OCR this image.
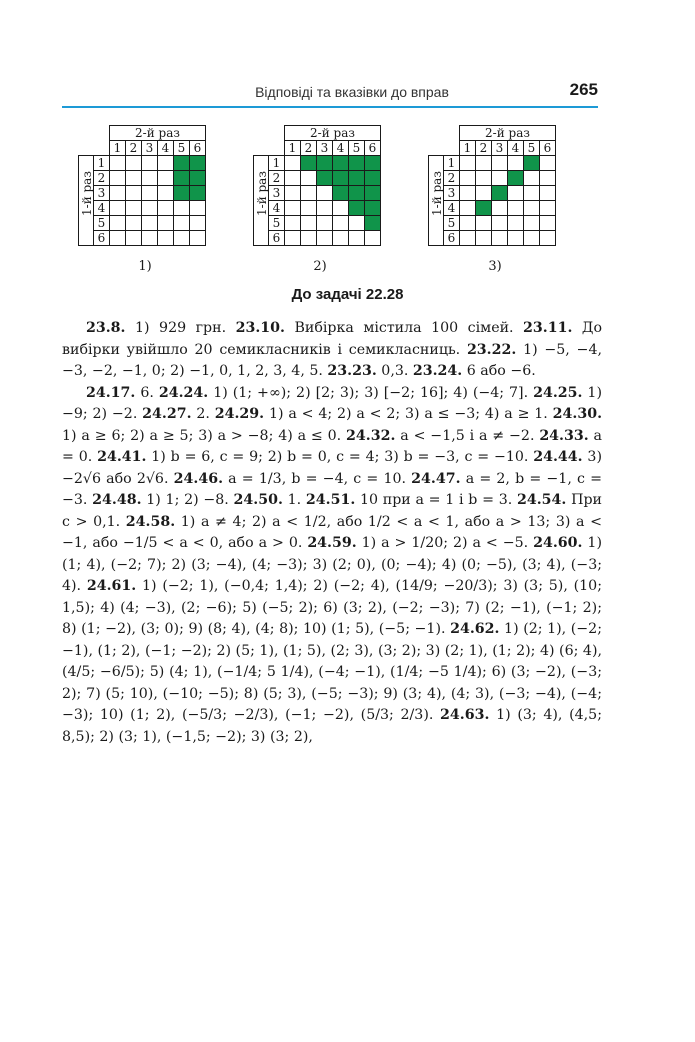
Відповіді та вказівки до вправ	265
		2-й раз					
		1	2	3	4	5	6

1-й раз	1						
	2						
	3						
	4						
	5						
	6						
1)
		2-й раз					
		1	2	3	4	5	6

1-й раз	1						
	2						
	3						
	4						
	5						
	6						
2)
		2-й раз					
		1	2	3	4	5	6

1-й раз	1						
	2						
	3						
	4						
	5						
	6						
3)
До задачі 22.28

23.8. 1) 929 грн. 23.10. Вибірка містила 100 сімей. 23.11. До вибірки увійшло 20 семикласників і семикласниць. 23.22. 1) −5, −4, −3, −2, −1, 0; 2) −1, 0, 1, 2, 3, 4, 5. 23.23. 0,3. 23.24. 6 або −6.

24.17. 6. 24.24. 1) (1; +∞); 2) [2; 3); 3) [−2; 16]; 4) (−4; 7]. 24.25. 1) −9; 2) −2. 24.27. 2. 24.29. 1) a < 4; 2) a < 2; 3) a ≤ −3; 4) a ≥ 1. 24.30. 1) a ≥ 6; 2) a ≥ 5; 3) a > −8; 4) a ≤ 0. 24.32. a < −1,5 і a ≠ −2. 24.33. a = 0. 24.41. 1) b = 6, c = 9; 2) b = 0, c = 4; 3) b = −3, c = −10. 24.44. 3) −2√6 або 2√6. 24.46. a = 1/3, b = −4, c = 10. 24.47. a = 2, b = −1, c = −3. 24.48. 1) 1; 2) −8. 24.50. 1. 24.51. 10 при a = 1 і b = 3. 24.54. При c > 0,1. 24.58. 1) a ≠ 4; 2) a < 1/2, або 1/2 < a < 1, або a > 13; 3) a < −1, або −1/5 < a < 0, або a > 0. 24.59. 1) a > 1/20; 2) a < −5. 24.60. 1) (1; 4), (−2; 7); 2) (3; −4), (4; −3); 3) (2; 0), (0; −4); 4) (0; −5), (3; 4), (−3; 4). 24.61. 1) (−2; 1), (−0,4; 1,4); 2) (−2; 4), (14/9; −20/3); 3) (3; 5), (10; 1,5); 4) (4; −3), (2; −6); 5) (−5; 2); 6) (3; 2), (−2; −3); 7) (2; −1), (−1; 2); 8) (1; −2), (3; 0); 9) (8; 4), (4; 8); 10) (1; 5), (−5; −1). 24.62. 1) (2; 1), (−2; −1), (1; 2), (−1; −2); 2) (5; 1), (1; 5), (2; 3), (3; 2); 3) (2; 1), (1; 2); 4) (6; 4), (4/5; −6/5); 5) (4; 1), (−1/4; 5 1/4), (−4; −1), (1/4; −5 1/4); 6) (3; −2), (−3; 2); 7) (5; 10), (−10; −5); 8) (5; 3), (−5; −3); 9) (3; 4), (4; 3), (−3; −4), (−4; −3); 10) (1; 2), (−5/3; −2/3), (−1; −2), (5/3; 2/3). 24.63. 1) (3; 4), (4,5; 8,5); 2) (3; 1), (−1,5; −2); 3) (3; 2),
